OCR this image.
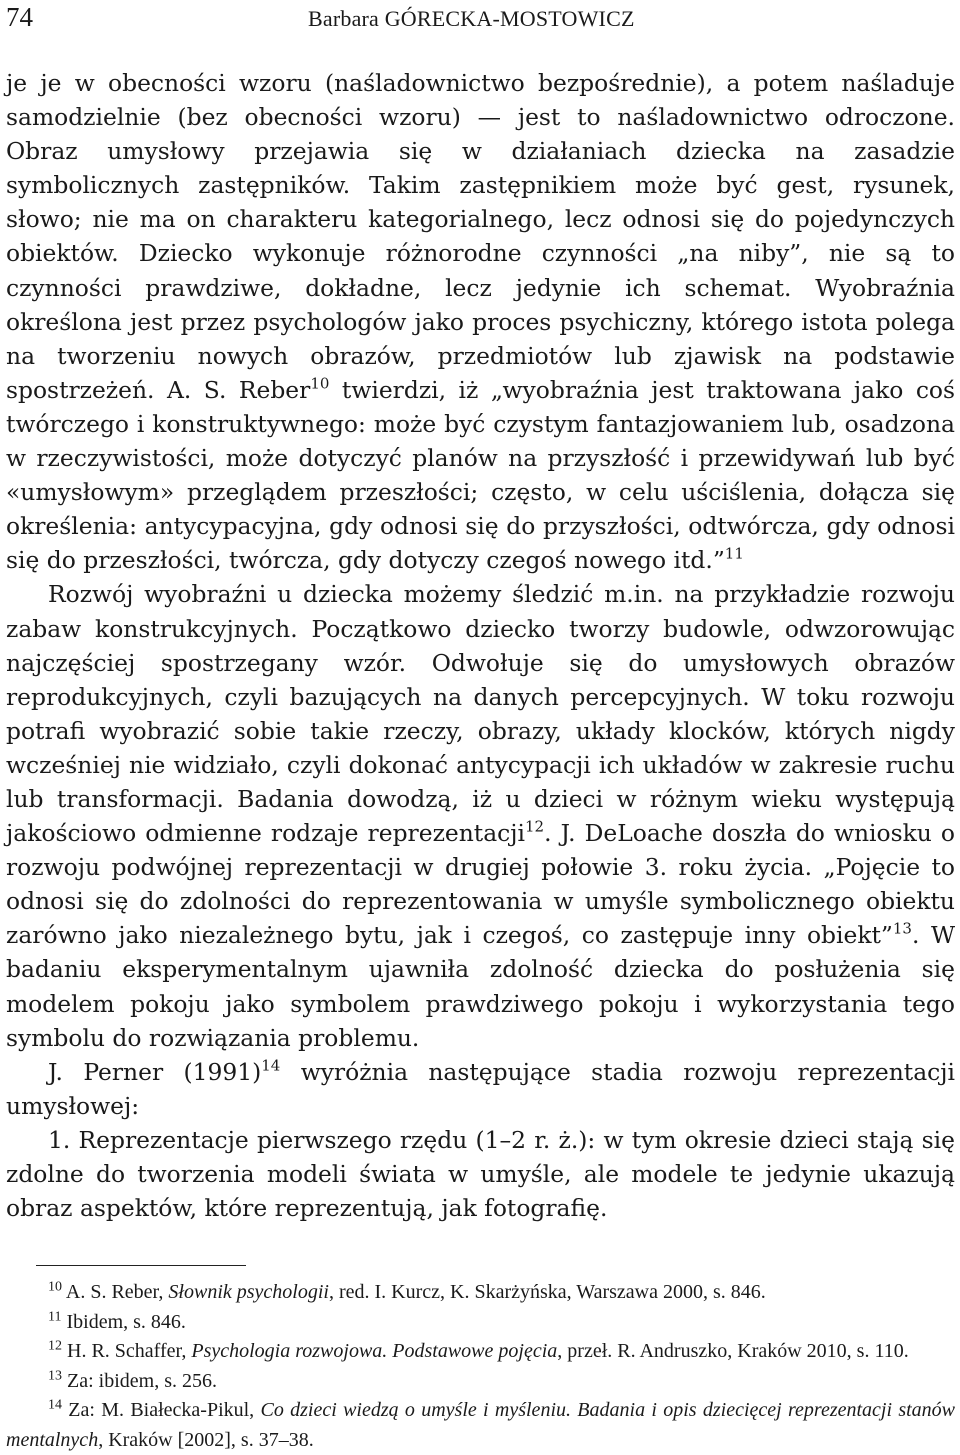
74	Barbara GÓRECKA-MOSTOWICZ

je je w obecności wzoru (naśladownictwo bezpośrednie), a potem naśladuje samodzielnie (bez obecności wzoru) — jest to naśladownictwo odroczone. Obraz umysłowy przejawia się w działaniach dziecka na zasadzie symbolicznych zastępników. Takim zastępnikiem może być gest, rysunek, słowo; nie ma on charakteru kategorialnego, lecz odnosi się do pojedynczych obiektów. Dziecko wykonuje różnorodne czynności „na niby”, nie są to czynności prawdziwe, dokładne, lecz jedynie ich schemat. Wyobraźnia określona jest przez psychologów jako proces psychiczny, którego istota polega na tworzeniu nowych obrazów, przedmiotów lub zjawisk na podstawie spostrzeżeń. A. S. Reber$^{10}$ twierdzi, iż „wyobraźnia jest traktowana jako coś twórczego i konstruktywnego: może być czystym fantazjowaniem lub, osadzona w rzeczywistości, może dotyczyć planów na przyszłość i przewidywań lub być «umysłowym» przeglądem przeszłości; często, w celu uściślenia, dołącza się określenia: antycypacyjna, gdy odnosi się do przyszłości, odtwórcza, gdy odnosi się do przeszłości, twórcza, gdy dotyczy czegoś nowego itd.”$^{11}$

Rozwój wyobraźni u dziecka możemy śledzić m.in. na przykładzie rozwoju zabaw konstrukcyjnych. Początkowo dziecko tworzy budowle, odwzorowując najczęściej spostrzegany wzór. Odwołuje się do umysłowych obrazów reprodukcyjnych, czyli bazujących na danych percepcyjnych. W toku rozwoju potrafi wyobrazić sobie takie rzeczy, obrazy, układy klocków, których nigdy wcześniej nie widziało, czyli dokonać antycypacji ich układów w zakresie ruchu lub transformacji. Badania dowodzą, iż u dzieci w różnym wieku występują jakościowo odmienne rodzaje reprezentacji$^{12}$. J. DeLoache doszła do wniosku o rozwoju podwójnej reprezentacji w drugiej połowie 3. roku życia. „Pojęcie to odnosi się do zdolności do reprezentowania w umyśle symbolicznego obiektu zarówno jako niezależnego bytu, jak i czegoś, co zastępuje inny obiekt”$^{13}$. W badaniu eksperymentalnym ujawniła zdolność dziecka do posłużenia się modelem pokoju jako symbolem prawdziwego pokoju i wykorzystania tego symbolu do rozwiązania problemu.

J. Perner $(1991)^{14}$ wyróżnia następujące stadia rozwoju reprezentacji umysłowej:

1. Reprezentacje pierwszego rzędu (1–2 r. ż.): w tym okresie dzieci stają się zdolne do tworzenia modeli świata w umyśle, ale modele te jedynie ukazują obraz aspektów, które reprezentują, jak fotografię.

$^{10}$ A. S. Reber, Słownik psychologii, red. I. Kurcz, K. Skarżyńska, Warszawa 2000, s. 846.

$^{11}$ Ibidem, s. 846.

$^{12}$ H. R. Schaffer, Psychologia rozwojowa. Podstawowe pojęcia, przeł. R. Andruszko, Kraków 2010, s. 110.

$^{13}$ Za: ibidem, s. 256.

$^{14}$ Za: M. Białecka-Pikul, Co dzieci wiedzą o umyśle i myśleniu. Badania i opis dziecięcej reprezentacji stanów mentalnych, Kraków [2002], s. 37–38.
